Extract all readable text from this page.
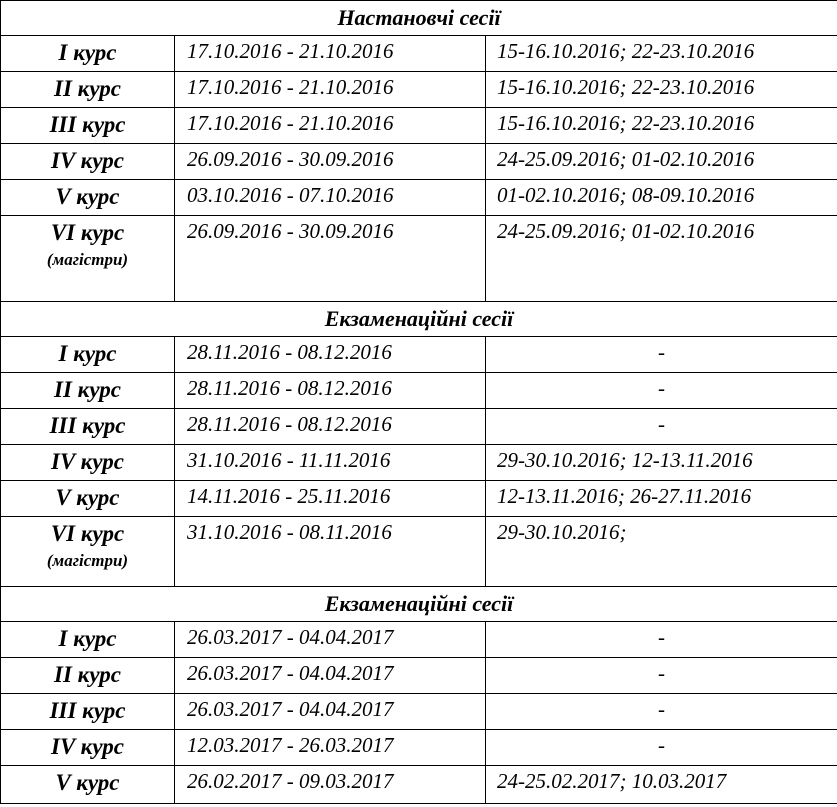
Настановчі сесії		
I курс	17.10.2016 - 21.10.2016	15-16.10.2016; 22-23.10.2016
II курс	17.10.2016 - 21.10.2016	15-16.10.2016; 22-23.10.2016
III курс	17.10.2016 - 21.10.2016	15-16.10.2016; 22-23.10.2016
IV курс	26.09.2016 - 30.09.2016	24-25.09.2016; 01-02.10.2016
V курс	03.10.2016 - 07.10.2016	01-02.10.2016; 08-09.10.2016
VI курс
(магістри)	26.09.2016 - 30.09.2016	24-25.09.2016; 01-02.10.2016
Екзаменаційні сесії		
I курс	28.11.2016 - 08.12.2016	-
II курс	28.11.2016 - 08.12.2016	-
III курс	28.11.2016 - 08.12.2016	-
IV курс	31.10.2016 - 11.11.2016	29-30.10.2016; 12-13.11.2016
V курс	14.11.2016 - 25.11.2016	12-13.11.2016; 26-27.11.2016
VI курс
(магістри)	31.10.2016 - 08.11.2016	29-30.10.2016;
Екзаменаційні сесії		
I курс	26.03.2017 - 04.04.2017	-
II курс	26.03.2017 - 04.04.2017	-
III курс	26.03.2017 - 04.04.2017	-
IV курс	12.03.2017 - 26.03.2017	-
V курс	26.02.2017 - 09.03.2017	24-25.02.2017; 10.03.2017
